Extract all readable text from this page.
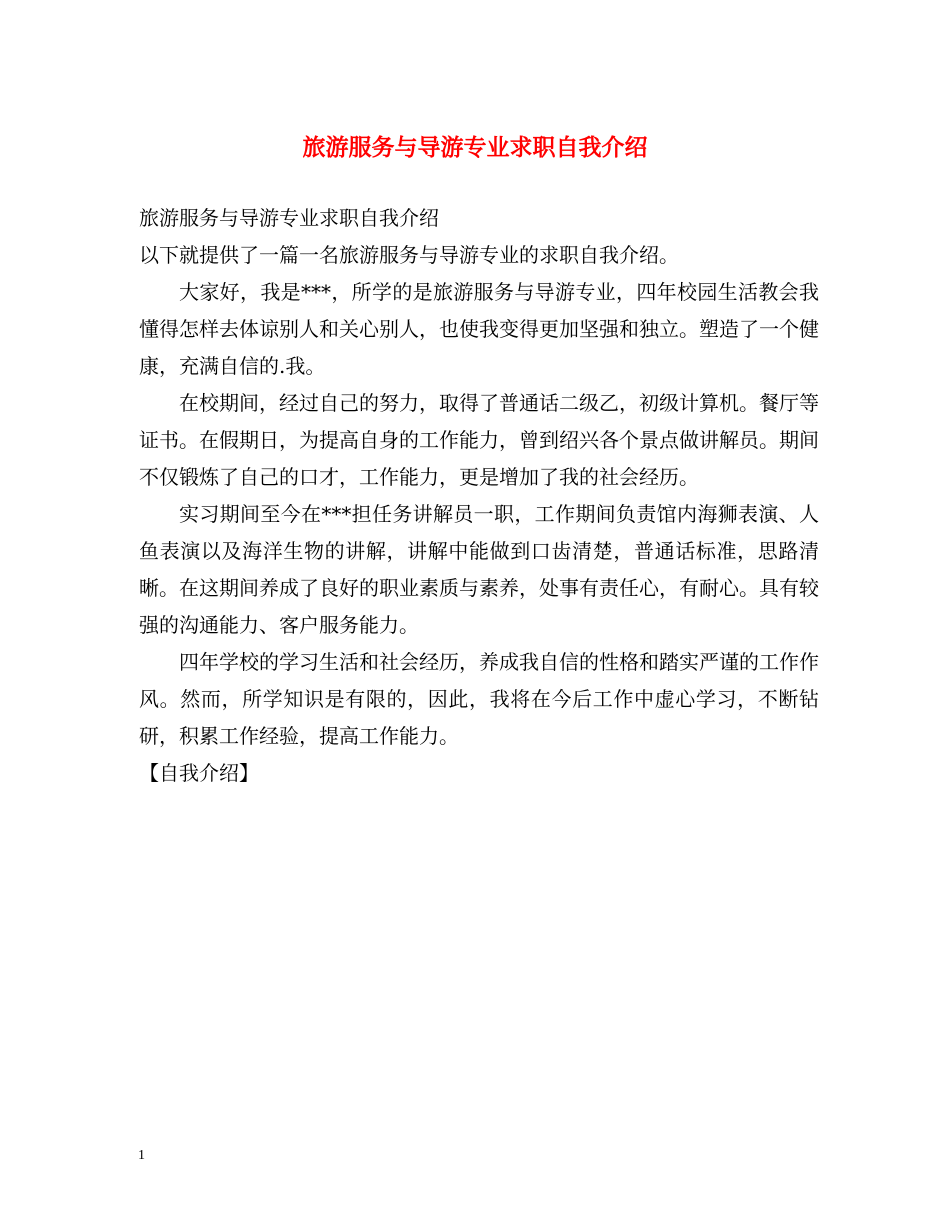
旅游服务与导游专业求职自我介绍

旅游服务与导游专业求职自我介绍

以下就提供了一篇一名旅游服务与导游专业的求职自我介绍。

大家好，我是***，所学的是旅游服务与导游专业，四年校园生活教会我懂得怎样去体谅别人和关心别人，也使我变得更加坚强和独立。塑造了一个健康，充满自信的.我。

在校期间，经过自己的努力，取得了普通话二级乙，初级计算机。餐厅等证书。在假期日，为提高自身的工作能力，曾到绍兴各个景点做讲解员。期间不仅锻炼了自己的口才，工作能力，更是增加了我的社会经历。

实习期间至今在***担任务讲解员一职，工作期间负责馆内海狮表演、人鱼表演以及海洋生物的讲解，讲解中能做到口齿清楚，普通话标准，思路清晰。在这期间养成了良好的职业素质与素养，处事有责任心，有耐心。具有较强的沟通能力、客户服务能力。

四年学校的学习生活和社会经历，养成我自信的性格和踏实严谨的工作作风。然而，所学知识是有限的，因此，我将在今后工作中虚心学习，不断钻研，积累工作经验，提高工作能力。

【自我介绍】

1
